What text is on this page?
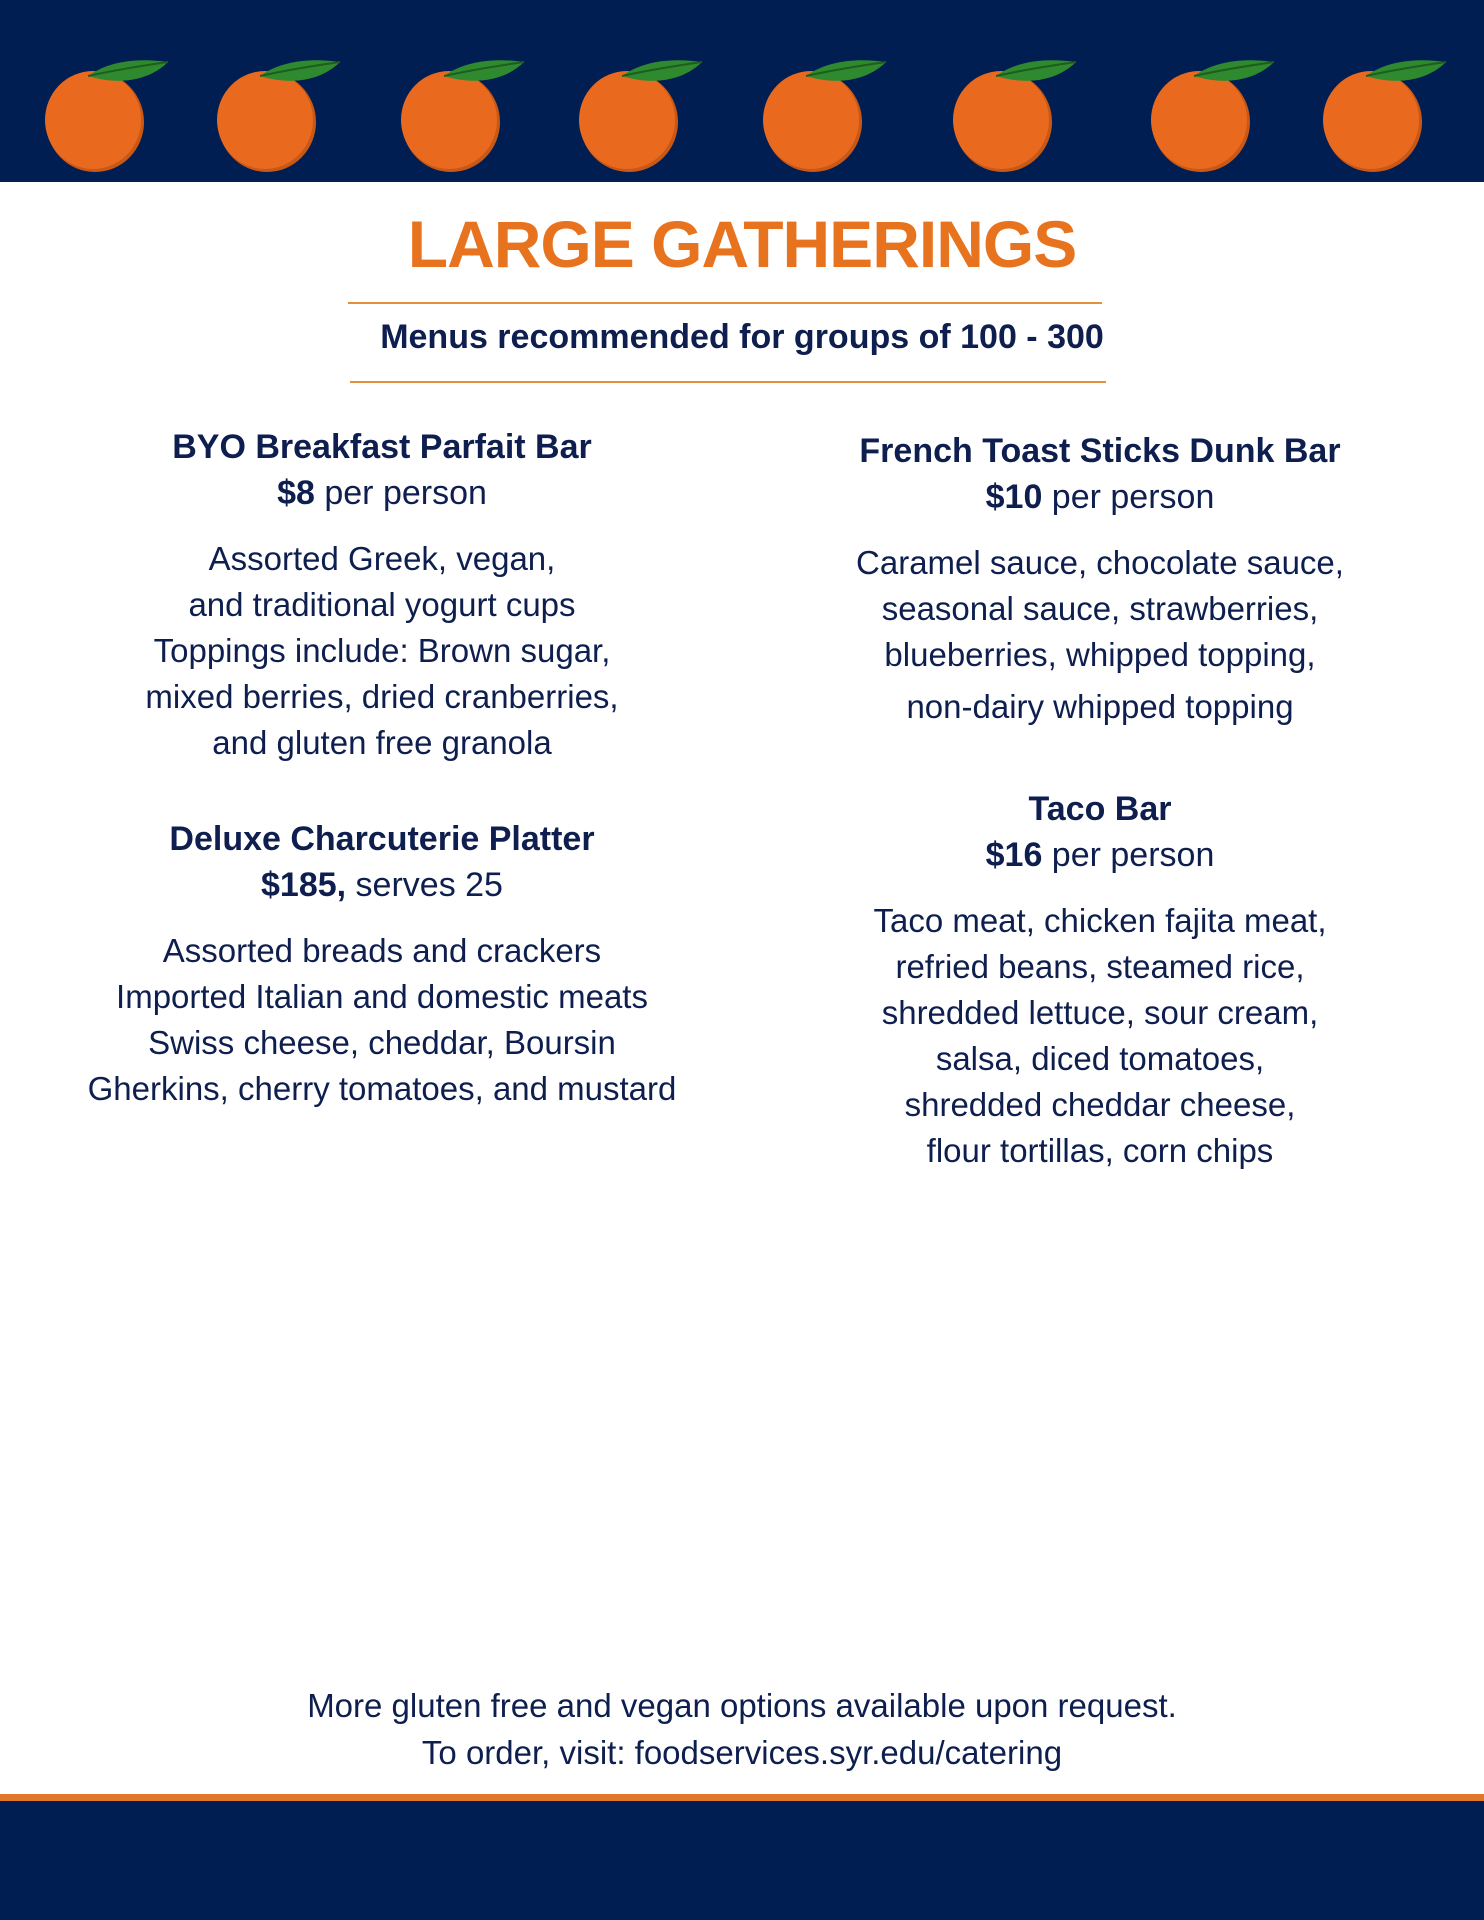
LARGE GATHERINGS
Menus recommended for groups of 100 - 300
BYO Breakfast Parfait Bar
$8 per person
Assorted Greek, vegan,
and traditional yogurt cups
Toppings include: Brown sugar,
mixed berries, dried cranberries,
and gluten free granola
Deluxe Charcuterie Platter
$185, serves 25
Assorted breads and crackers
Imported Italian and domestic meats
Swiss cheese, cheddar, Boursin
Gherkins, cherry tomatoes, and mustard
French Toast Sticks Dunk Bar
$10 per person
Caramel sauce, chocolate sauce,
seasonal sauce, strawberries,
blueberries, whipped topping,
non-dairy whipped topping
Taco Bar
$16 per person
Taco meat, chicken fajita meat,
refried beans, steamed rice,
shredded lettuce, sour cream,
salsa, diced tomatoes,
shredded cheddar cheese,
flour tortillas, corn chips
More gluten free and vegan options available upon request.
To order, visit: foodservices.syr.edu/catering
